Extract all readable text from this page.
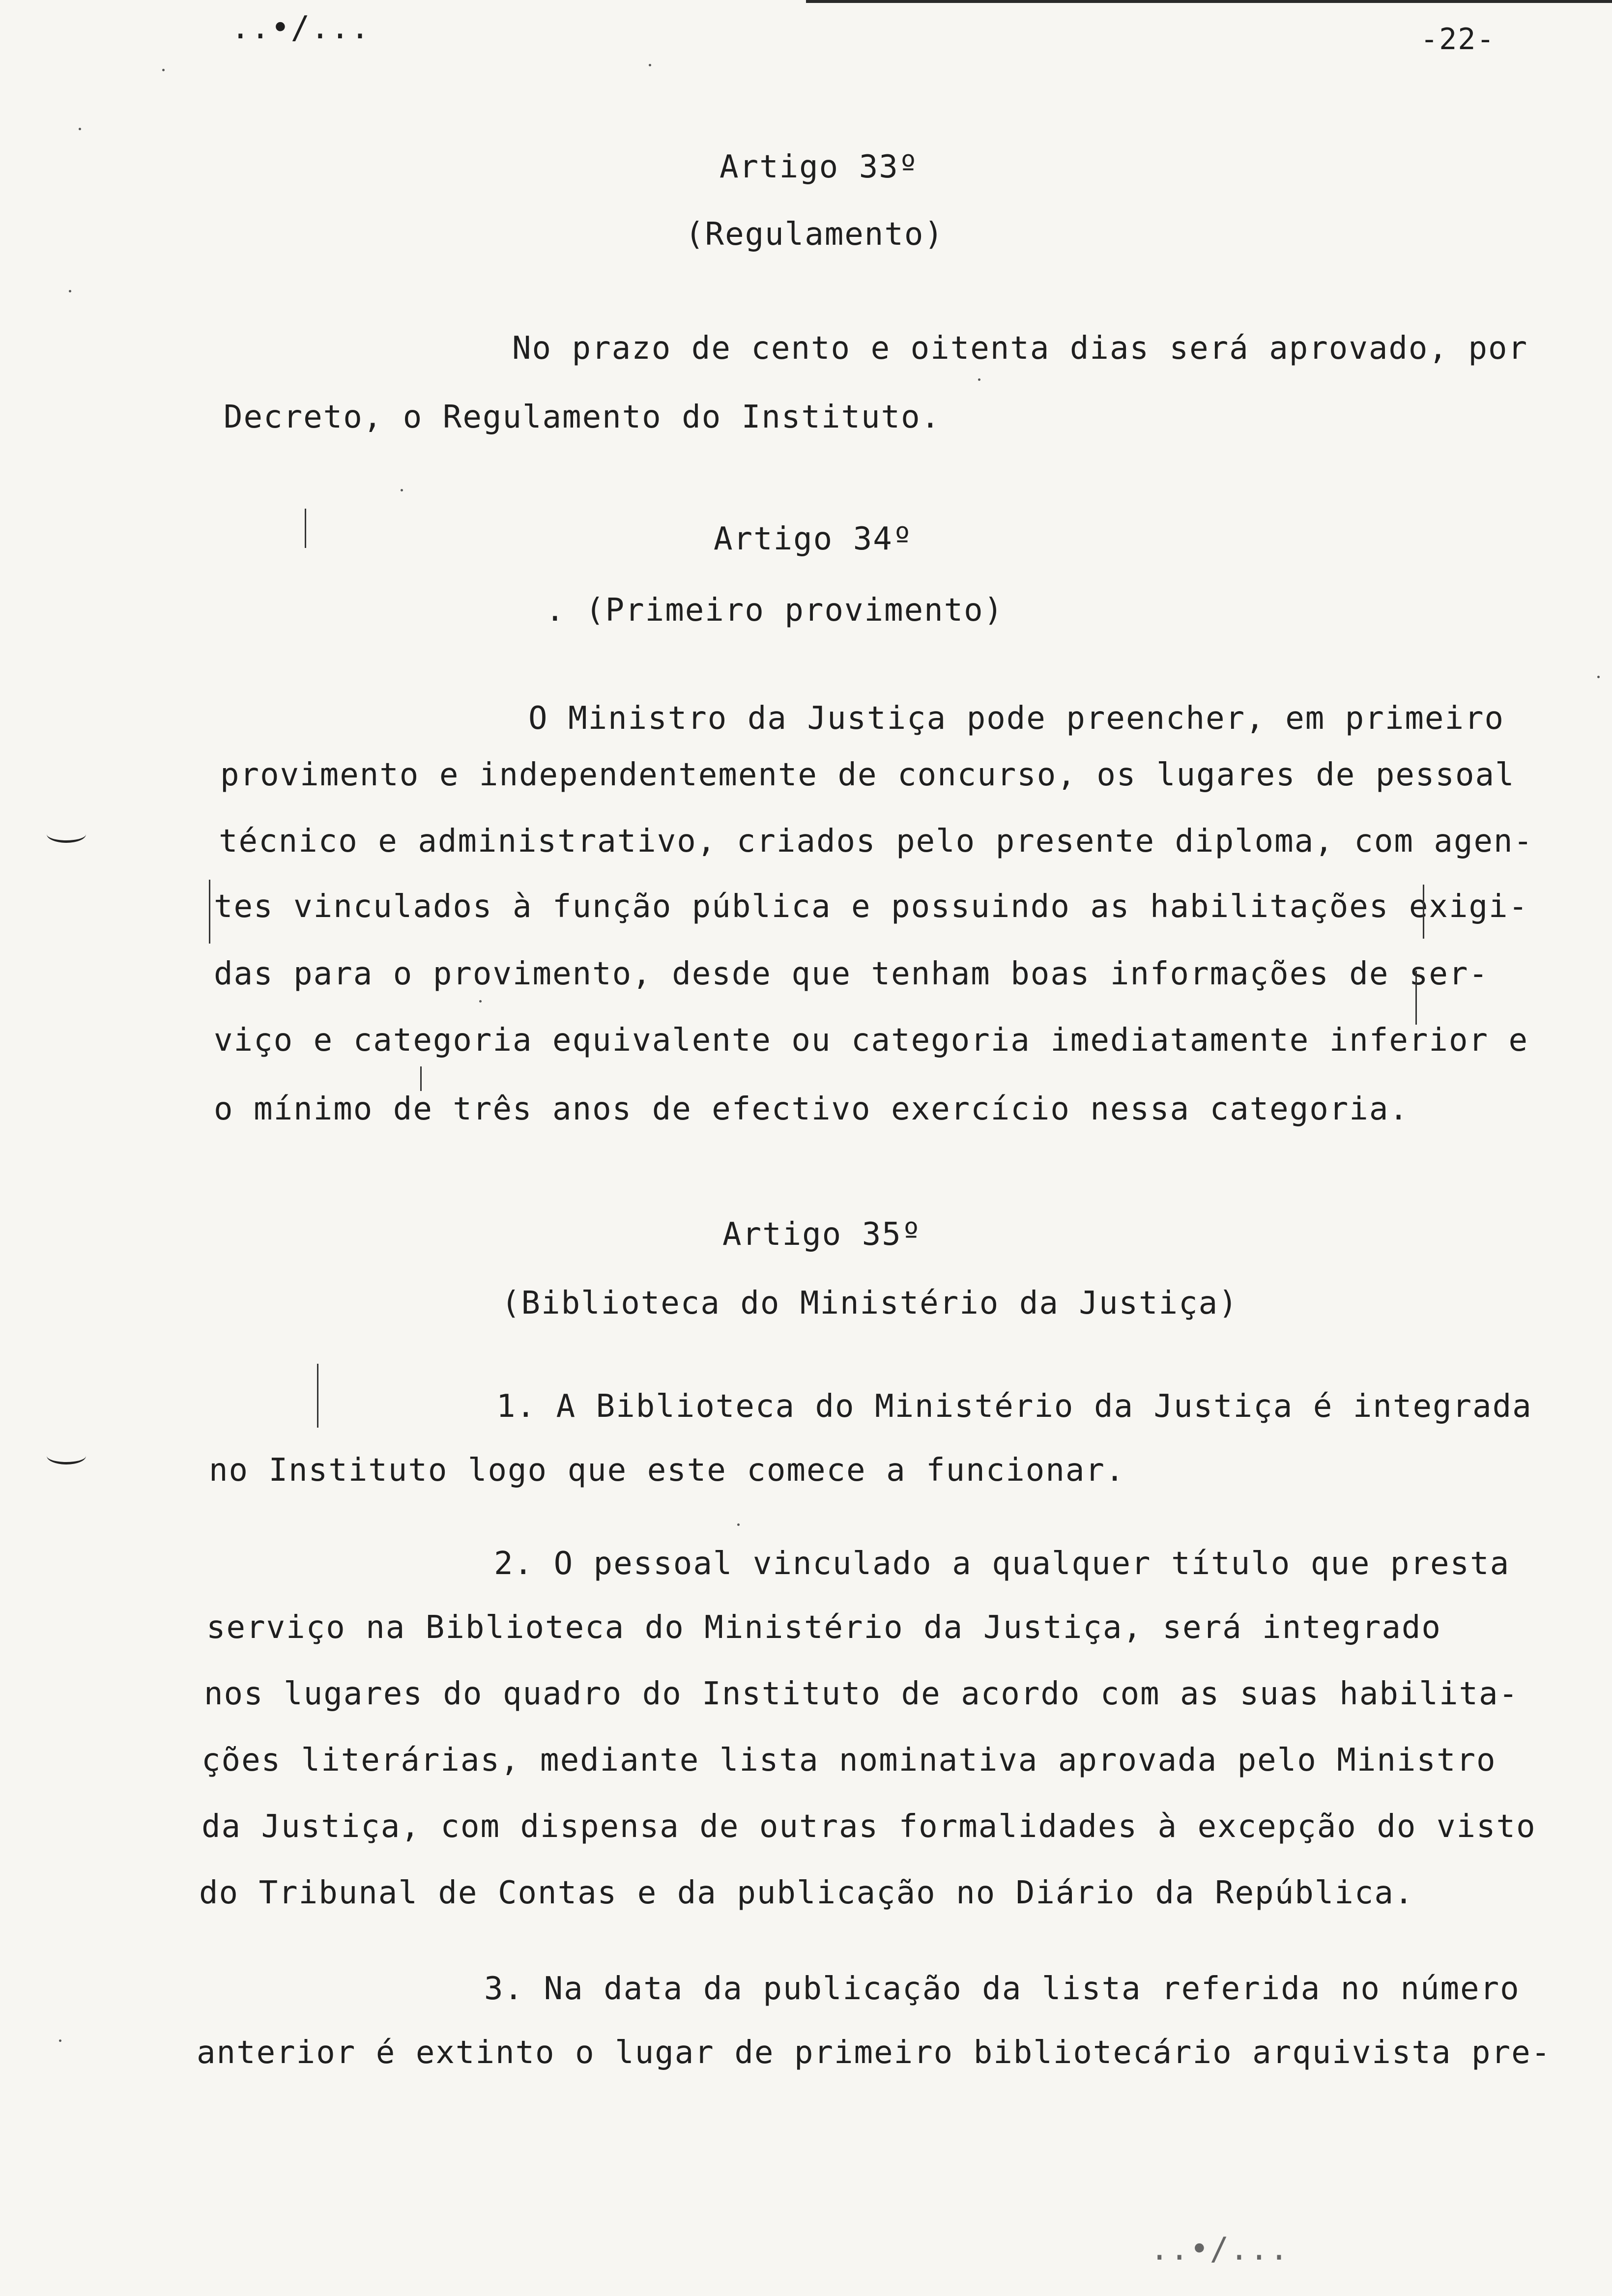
..•/...	-22-
Artigo 33º
(Regulamento)
No prazo de cento e oitenta dias será aprovado, por
Decreto, o Regulamento do Instituto.
Artigo 34º
. (Primeiro provimento)
O Ministro da Justiça pode preencher, em primeiro
provimento e independentemente de concurso, os lugares de pessoal
técnico e administrativo, criados pelo presente diploma, com agen-
tes vinculados à função pública e possuindo as habilitações exigi-
das para o provimento, desde que tenham boas informações de ser-
viço e categoria equivalente ou categoria imediatamente inferior e
o mínimo de três anos de efectivo exercício nessa categoria.
Artigo 35º
(Biblioteca do Ministério da Justiça)
1. A Biblioteca do Ministério da Justiça é integrada
no Instituto logo que este comece a funcionar.
2. O pessoal vinculado a qualquer título que presta
serviço na Biblioteca do Ministério da Justiça, será integrado
nos lugares do quadro do Instituto de acordo com as suas habilita-
ções literárias, mediante lista nominativa aprovada pelo Ministro
da Justiça, com dispensa de outras formalidades à excepção do visto
do Tribunal de Contas e da publicação no Diário da República.
3. Na data da publicação da lista referida no número
anterior é extinto o lugar de primeiro bibliotecário arquivista pre-
..•/...
